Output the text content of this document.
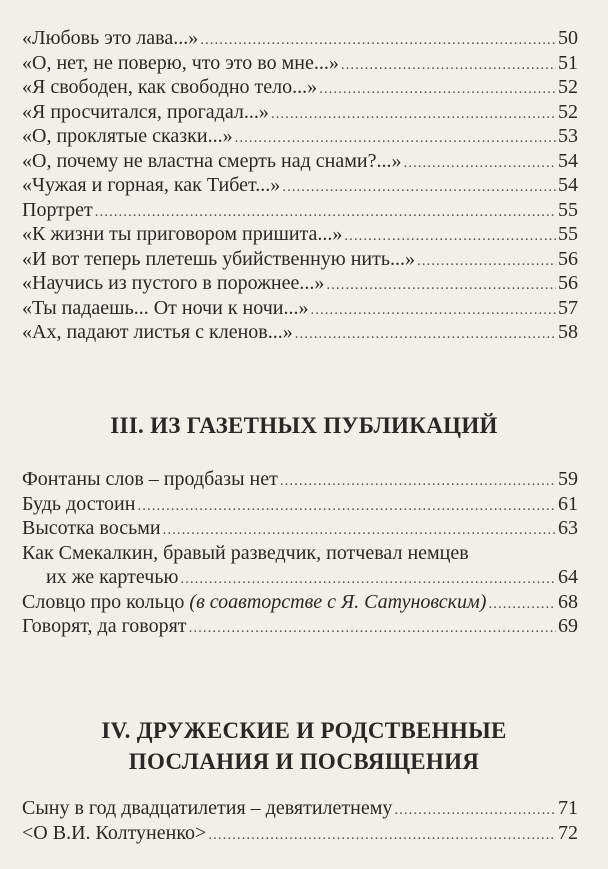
«Любовь это лава...» .....	50
«О, нет, не поверю, что это во мне...» .....	51
«Я свободен, как свободно тело...» .....	52
«Я просчитался, прогадал...» .....	52
«О, проклятые сказки...» .....	53
«О, почему не властна смерть над снами?...» .....	54
«Чужая и горная, как Тибет...» .....	54
Портрет .....	55
«К жизни ты приговором пришита...» .....	55
«И вот теперь плетешь убийственную нить...» .....	56
«Научись из пустого в порожнее...» .....	56
«Ты падаешь... От ночи к ночи...» .....	57
«Ах, падают листья с кленов...» .....	58
III. ИЗ ГАЗЕТНЫХ ПУБЛИКАЦИЙ
Фонтаны слов – продбазы нет .....	59
Будь достоин .....	61
Высотка восьми .....	63
Как Смекалкин, бравый разведчик, потчевал немцев
их же картечью .....	64
Словцо про кольцо (в соавторстве с Я. Сатуновским) .....	68
Говорят, да говорят .....	69
IV. ДРУЖЕСКИЕ И РОДСТВЕННЫЕ
ПОСЛАНИЯ И ПОСВЯЩЕНИЯ
Сыну в год двадцатилетия – девятилетнему .....	71
<О В.И. Колтуненко> .....	72
